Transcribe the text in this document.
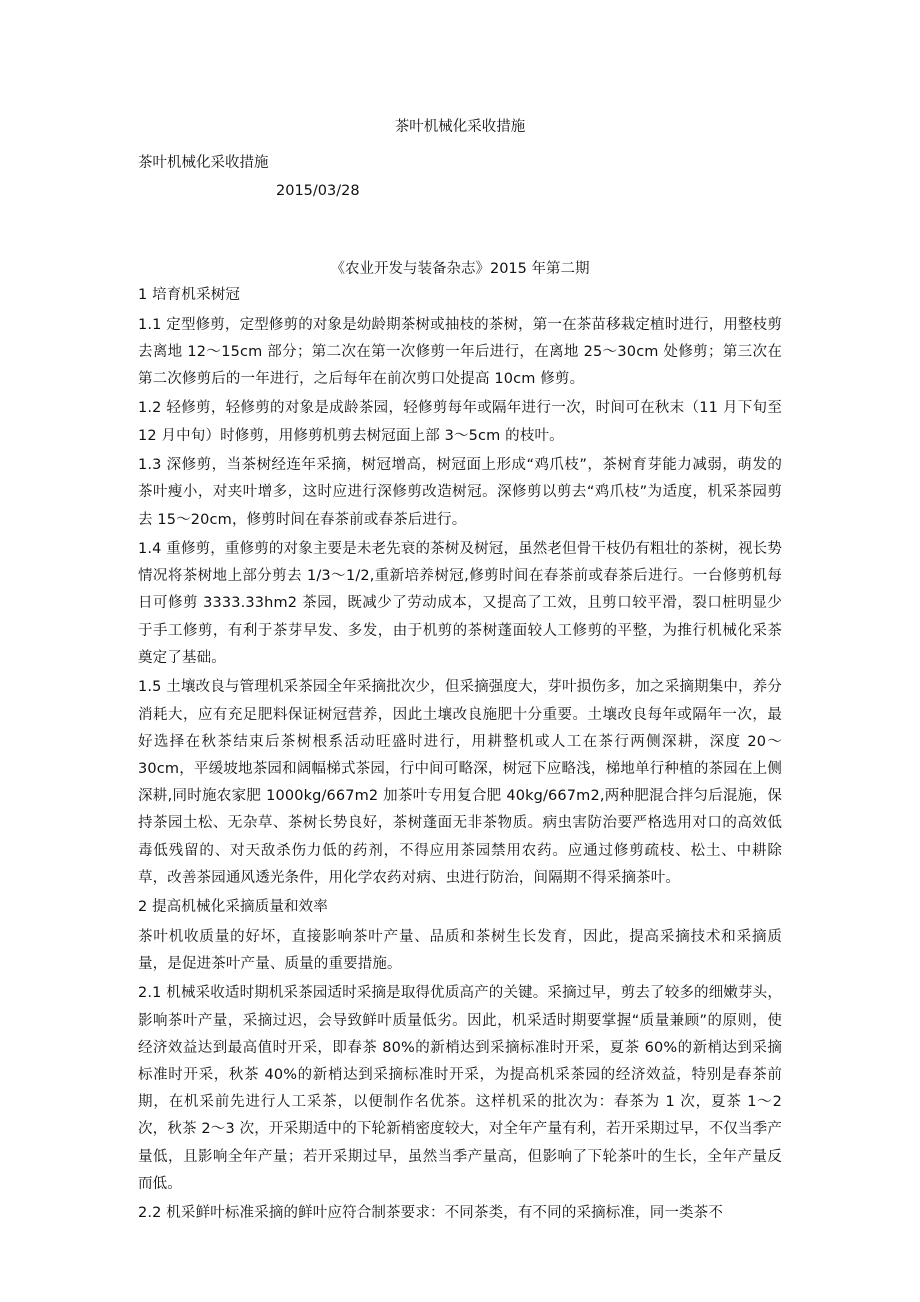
茶叶机械化采收措施
茶叶机械化采收措施
2015/03/28
《农业开发与装备杂志》2015 年第二期

1 培育机采树冠

1.1 定型修剪，定型修剪的对象是幼龄期茶树或抽枝的茶树，第一在茶苗移栽定植时进行，用整枝剪去离地 12～15cm 部分；第二次在第一次修剪一年后进行，在离地 25～30cm 处修剪；第三次在第二次修剪后的一年进行，之后每年在前次剪口处提高 10cm 修剪。

1.2 轻修剪，轻修剪的对象是成龄茶园，轻修剪每年或隔年进行一次，时间可在秋末（11 月下旬至 12 月中旬）时修剪，用修剪机剪去树冠面上部 3～5cm 的枝叶。

1.3 深修剪，当茶树经连年采摘，树冠增高，树冠面上形成“鸡爪枝”，茶树育芽能力减弱，萌发的茶叶瘦小，对夹叶增多，这时应进行深修剪改造树冠。深修剪以剪去“鸡爪枝”为适度，机采茶园剪去 15～20cm，修剪时间在春茶前或春茶后进行。

1.4 重修剪，重修剪的对象主要是未老先衰的茶树及树冠，虽然老但骨干枝仍有粗壮的茶树，视长势情况将茶树地上部分剪去 1/3～1/2,重新培养树冠,修剪时间在春茶前或春茶后进行。一台修剪机每日可修剪 3333.33hm2 茶园，既减少了劳动成本，又提高了工效，且剪口较平滑，裂口桩明显少于手工修剪，有利于茶芽早发、多发，由于机剪的茶树蓬面较人工修剪的平整，为推行机械化采茶奠定了基础。

1.5 土壤改良与管理机采茶园全年采摘批次少，但采摘强度大，芽叶损伤多，加之采摘期集中，养分消耗大，应有充足肥料保证树冠营养，因此土壤改良施肥十分重要。土壤改良每年或隔年一次，最好选择在秋茶结束后茶树根系活动旺盛时进行，用耕整机或人工在茶行两侧深耕，深度 20～30cm，平缓坡地茶园和阔幅梯式茶园，行中间可略深，树冠下应略浅，梯地单行种植的茶园在上侧深耕,同时施农家肥 1000kg/667m2 加茶叶专用复合肥 40kg/667m2,两种肥混合拌匀后混施，保持茶园土松、无杂草、茶树长势良好，茶树蓬面无非茶物质。病虫害防治要严格选用对口的高效低毒低残留的、对天敌杀伤力低的药剂，不得应用茶园禁用农药。应通过修剪疏枝、松土、中耕除草，改善茶园通风透光条件，用化学农药对病、虫进行防治，间隔期不得采摘茶叶。

2 提高机械化采摘质量和效率

茶叶机收质量的好坏，直接影响茶叶产量、品质和茶树生长发育，因此，提高采摘技术和采摘质量，是促进茶叶产量、质量的重要措施。

2.1 机械采收适时期机采茶园适时采摘是取得优质高产的关键。采摘过早，剪去了较多的细嫩芽头，影响茶叶产量，采摘过迟，会导致鲜叶质量低劣。因此，机采适时期要掌握“质量兼顾”的原则，使经济效益达到最高值时开采，即春茶 80%的新梢达到采摘标准时开采，夏茶 60%的新梢达到采摘标准时开采，秋茶 40%的新梢达到采摘标准时开采，为提高机采茶园的经济效益，特别是春茶前期，在机采前先进行人工采茶，以便制作名优茶。这样机采的批次为：春茶为 1 次，夏茶 1～2 次，秋茶 2～3 次，开采期适中的下轮新梢密度较大，对全年产量有利，若开采期过早，不仅当季产量低，且影响全年产量；若开采期过早，虽然当季产量高，但影响了下轮茶叶的生长，全年产量反而低。

2.2 机采鲜叶标准采摘的鲜叶应符合制茶要求：不同茶类，有不同的采摘标准，同一类茶不
